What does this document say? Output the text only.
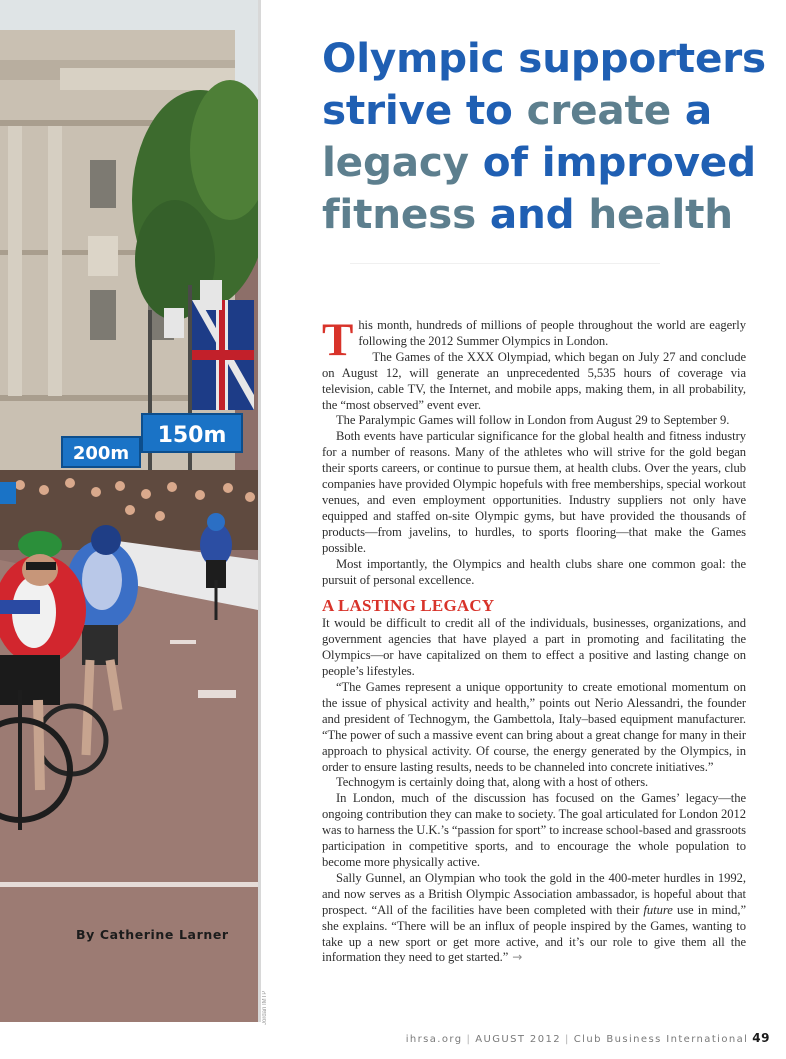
200m
150m
By Catherine Larner
Jordan IMTP
Olympic supporters
strive to create a
legacy of improved
fitness and health

This month, hundreds of millions of people throughout the world are eagerly following the 2012 Summer Olympics in London.

The Games of the XXX Olympiad, which began on July 27 and conclude on August 12, will generate an unprecedented 5,535 hours of coverage via television, cable TV, the Internet, and mobile apps, making them, in all probability, the “most observed” event ever.

The Paralympic Games will follow in London from August 29 to September 9.

Both events have particular significance for the global health and fitness industry for a number of reasons. Many of the athletes who will strive for the gold began their sports careers, or continue to pursue them, at health clubs. Over the years, club companies have provided Olympic hopefuls with free memberships, special workout venues, and even employment opportunities. Industry suppliers not only have equipped and staffed on-site Olympic gyms, but have provided the thousands of products—from javelins, to hurdles, to sports flooring—that make the Games possible.

Most importantly, the Olympics and health clubs share one common goal: the pursuit of personal excellence.

A LASTING LEGACY

It would be difficult to credit all of the individuals, businesses, organizations, and government agencies that have played a part in promoting and facilitating the Olympics—or have capitalized on them to effect a positive and lasting change on people’s lifestyles.

“The Games represent a unique opportunity to create emotional momentum on the issue of physical activity and health,” points out Nerio Alessandri, the founder and president of Technogym, the Gambettola, Italy–based equipment manufacturer. “The power of such a massive event can bring about a great change for many in their approach to physical activity. Of course, the energy generated by the Olympics, in order to ensure lasting results, needs to be channeled into concrete initiatives.”

Technogym is certainly doing that, along with a host of others.

In London, much of the discussion has focused on the Games’ legacy—the ongoing contribution they can make to society. The goal articulated for London 2012 was to harness the U.K.’s “passion for sport” to increase school-based and grassroots participation in competitive sports, and to encourage the whole population to become more physically active.

Sally Gunnel, an Olympian who took the gold in the 400-meter hurdles in 1992, and now serves as a British Olympic Association ambassador, is hopeful about that prospect. “All of the facilities have been completed with their future use in mind,” she explains. “There will be an influx of people inspired by the Games, wanting to take up a new sport or get more active, and it’s our role to give them all the information they need to get started.” →

ihrsa.org | AUGUST 2012 | Club Business International 49
